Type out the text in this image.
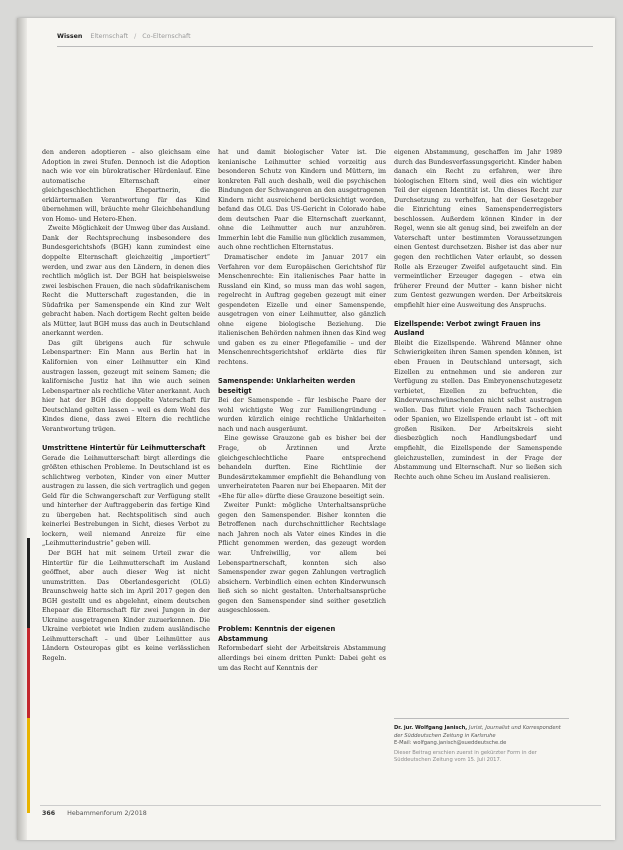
Wissen Elternschaft / Co-Elternschaft

den anderen adoptieren – also gleichsam eine Adoption in zwei Stufen. Dennoch ist die Adoption nach wie vor ein bürokratischer Hürdenlauf. Eine automatische Elternschaft einer gleichgeschlechtlichen Ehepartnerin, die erklärtermaßen Verantwortung für das Kind übernehmen will, bräuchte mehr Gleichbehandlung von Homo- und Hetero-Ehen.

Zweite Möglichkeit der Umweg über das Ausland. Dank der Rechtsprechung insbesondere des Bundesgerichtshofs (BGH) kann zumindest eine doppelte Elternschaft gleichzeitig „importiert“ werden, und zwar aus den Ländern, in denen dies rechtlich möglich ist. Der BGH hat beispielsweise zwei lesbischen Frauen, die nach südafrikanischem Recht die Mutterschaft zugestanden, die in Südafrika per Samenspende ein Kind zur Welt gebracht haben. Nach dortigem Recht gelten beide als Mütter, laut BGH muss das auch in Deutschland anerkannt werden.

Das gilt übrigens auch für schwule Lebenspartner: Ein Mann aus Berlin hat in Kalifornien von einer Leihmutter ein Kind austragen lassen, gezeugt mit seinem Samen; die kalifornische Justiz hat ihn wie auch seinen Lebenspartner als rechtliche Väter anerkannt. Auch hier hat der BGH die doppelte Vaterschaft für Deutschland gelten lassen – weil es dem Wohl des Kindes diene, dass zwei Eltern die rechtliche Verantwortung trügen.

Umstrittene Hintertür für Leihmutterschaft

Gerade die Leihmutterschaft birgt allerdings die größten ethischen Probleme. In Deutschland ist es schlichtweg verboten, Kinder von einer Mutter austragen zu lassen, die sich vertraglich und gegen Geld für die Schwangerschaft zur Verfügung stellt und hinterher der Auftraggeberin das fertige Kind zu übergeben hat. Rechtspolitisch sind auch keinerlei Bestrebungen in Sicht, dieses Verbot zu lockern, weil niemand Anreize für eine „Leihmutterindustrie“ geben will.

Der BGH hat mit seinem Urteil zwar die Hintertür für die Leihmutterschaft im Ausland geöffnet, aber auch dieser Weg ist nicht unumstritten. Das Oberlandesgericht (OLG) Braunschweig hatte sich im April 2017 gegen den BGH gestellt und es abgelehnt, einem deutschen Ehepaar die Elternschaft für zwei Jungen in der Ukraine ausgetragenen Kinder zuzuerkennen. Die Ukraine verbietet wie Indien zudem ausländische Leihmutterschaft – und über Leihmütter aus Ländern Osteuropas gibt es keine verlässlichen Regeln.

hat und damit biologischer Vater ist. Die kenianische Leihmutter schied vorzeitig aus besonderen Schutz von Kindern und Müttern, im konkreten Fall auch deshalb, weil die psychischen Bindungen der Schwangeren an den ausgetragenen Kindern nicht ausreichend berücksichtigt worden, befand das OLG. Das US-Gericht in Colorado habe dem deutschen Paar die Elternschaft zuerkannt, ohne die Leihmutter auch nur anzuhören. Immerhin lebt die Familie nun glücklich zusammen, auch ohne rechtlichen Elternstatus.

Dramatischer endete im Januar 2017 ein Verfahren vor dem Europäischen Gerichtshof für Menschenrechte: Ein italienisches Paar hatte in Russland ein Kind, so muss man das wohl sagen, regelrecht in Auftrag gegeben gezeugt mit einer gespendeten Eizelle und einer Samenspende, ausgetragen von einer Leihmutter, also gänzlich ohne eigene biologische Beziehung. Die italienischen Behörden nahmen ihnen das Kind weg und gaben es zu einer Pflegefamilie – und der Menschenrechtsgerichtshof erklärte dies für rechtens.

Samenspende: Unklarheiten werden beseitigt

Bei der Samenspende – für lesbische Paare der wohl wichtigste Weg zur Familiengründung – wurden kürzlich einige rechtliche Unklarheiten nach und nach ausgeräumt.

Eine gewisse Grauzone gab es bisher bei der Frage, ob Ärztinnen und Ärzte gleichgeschlechtliche Paare entsprechend behandeln durften. Eine Richtlinie der Bundesärztekammer empfiehlt die Behandlung von unverheirateten Paaren nur bei Ehepaaren. Mit der «Ehe für alle» dürfte diese Grauzone beseitigt sein.

Zweiter Punkt: mögliche Unterhaltsansprüche gegen den Samenspender. Bisher konnten die Betroffenen nach durchschnittlicher Rechtslage nach Jahren noch als Vater eines Kindes in die Pflicht genommen werden, das gezeugt worden war. Unfreiwillig, vor allem bei Lebenspartnerschaft, konnten sich also Samenspender zwar gegen Zahlungen vertraglich absichern. Verbindlich einen echten Kinderwunsch ließ sich so nicht gestalten. Unterhaltsansprüche gegen den Samenspender sind seither gesetzlich ausgeschlossen.

Problem: Kenntnis der eigenen Abstammung

Reformbedarf sieht der Arbeitskreis Abstammung allerdings bei einem dritten Punkt: Dabei geht es um das Recht auf Kenntnis der

eigenen Abstammung, geschaffen im Jahr 1989 durch das Bundesverfassungsgericht. Kinder haben danach ein Recht zu erfahren, wer ihre biologischen Eltern sind, weil dies ein wichtiger Teil der eigenen Identität ist. Um dieses Recht zur Durchsetzung zu verhelfen, hat der Gesetzgeber die Einrichtung eines Samenspenderregisters beschlossen. Außerdem können Kinder in der Regel, wenn sie alt genug sind, bei zweifeln an der Vaterschaft unter bestimmten Voraussetzungen einen Gentest durchsetzen. Bisher ist das aber nur gegen den rechtlichen Vater erlaubt, so dessen Rolle als Erzeuger Zweifel aufgetaucht sind. Ein vermeintlicher Erzeuger dagegen – etwa ein früherer Freund der Mutter – kann bisher nicht zum Gentest gezwungen werden. Der Arbeitskreis empfiehlt hier eine Ausweitung des Anspruchs.

Eizellspende: Verbot zwingt Frauen ins Ausland

Bleibt die Eizellspende. Während Männer ohne Schwierigkeiten ihren Samen spenden können, ist eben Frauen in Deutschland untersagt, sich Eizellen zu entnehmen und sie anderen zur Verfügung zu stellen. Das Embryonenschutzgesetz verbietet, Eizellen zu befruchten, die Kinderwunschwünschenden nicht selbst austragen wollen. Das führt viele Frauen nach Tschechien oder Spanien, wo Eizellspende erlaubt ist – oft mit großen Risiken. Der Arbeitskreis sieht diesbezüglich noch Handlungsbedarf und empfiehlt, die Eizellspende der Samenspende gleichzustellen, zumindest in der Frage der Abstammung und Elternschaft. Nur so ließen sich Rechte auch ohne Scheu im Ausland realisieren.

Dr. jur. Wolfgang Janisch, Jurist, Journalist und Korrespondent der Süddeutschen Zeitung in Karlsruhe
E-Mail: wolfgang.janisch@sueddeutsche.de
Dieser Beitrag erschien zuerst in gekürzter Form in der Süddeutschen Zeitung vom 15. Juli 2017.
366 Hebammenforum 2/2018
